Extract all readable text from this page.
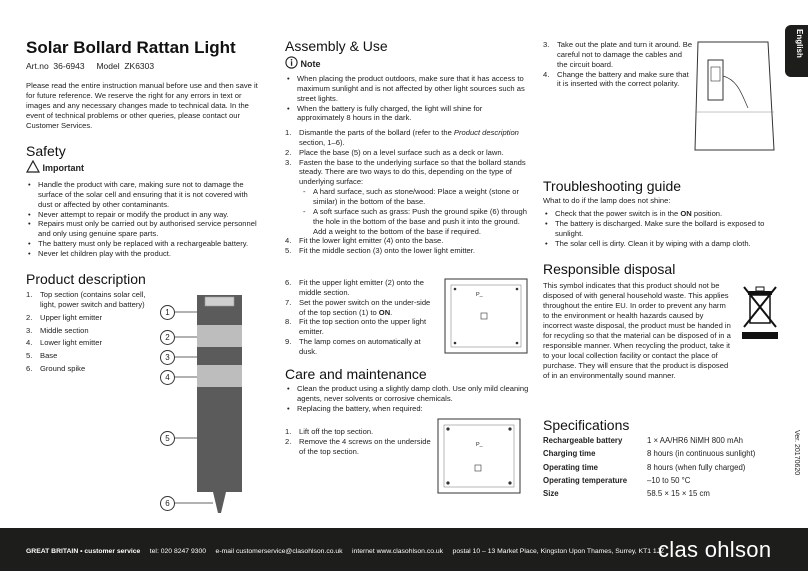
English
Ver. 20170620
Solar Bollard Rattan Light
Art.no 36-6943 Model ZK6303
Please read the entire instruction manual before use and then save it for future reference. We reserve the right for any errors in text or images and any necessary changes made to technical data. In the event of technical problems or other queries, please contact our Customer Services.
Safety
Important
• Handle the product with care, making sure not to damage the surface of the solar cell and ensuring that it is not covered with dust or affected by other contaminants.
• Never attempt to repair or modify the product in any way.
• Repairs must only be carried out by authorised service personnel and only using genuine spare parts.
• The battery must only be replaced with a rechargeable battery.
• Never let children play with the product.
Product description
1. Top section (contains solar cell, light, power switch and battery)
2. Upper light emitter
3. Middle section
4. Lower light emitter
5. Base
6. Ground spike
1
2
3
4
5
6
Assembly & Use
Note
• When placing the product outdoors, make sure that it has access to maximum sunlight and is not affected by other light sources such as street lights.
• When the battery is fully charged, the light will shine for approximately 8 hours in the dark.
1. Dismantle the parts of the bollard (refer to the Product description section, 1–6).
2. Place the base (5) on a level surface such as a deck or lawn.
3. Fasten the base to the underlying surface so that the bollard stands steady. There are two ways to do this, depending on the type of underlying surface:
- A hard surface, such as stone/wood: Place a weight (stone or similar) in the bottom of the base.
- A soft surface such as grass: Push the ground spike (6) through the hole in the bottom of the base and push it into the ground. Add a weight to the bottom of the base if required.
4. Fit the lower light emitter (4) onto the base.
5. Fit the middle section (3) onto the lower light emitter.
6. Fit the upper light emitter (2) onto the middle section.
7. Set the power switch on the under-side of the top section (1) to ON.
8. Fit the top section onto the upper light emitter.
9. The lamp comes on automatically at dusk.
P_
Care and maintenance
• Clean the product using a slightly damp cloth. Use only mild cleaning agents, never solvents or corrosive chemicals.
• Replacing the battery, when required:
1. Lift off the top section.
2. Remove the 4 screws on the underside of the top section.
P_
3. Take out the plate and turn it around. Be careful not to damage the cables and the circuit board.
4. Change the battery and make sure that it is inserted with the correct polarity.
Troubleshooting guide
What to do if the lamp does not shine:
• Check that the power switch is in the ON position.
• The battery is discharged. Make sure the bollard is exposed to sunlight.
• The solar cell is dirty. Clean it by wiping with a damp cloth.
Responsible disposal
This symbol indicates that this product should not be disposed of with general household waste. This applies throughout the entire EU. In order to prevent any harm to the environment or health hazards caused by incorrect waste disposal, the product must be handed in for recycling so that the material can be disposed of in a responsible manner. When recycling the product, take it to your local collection facility or contact the place of purchase. They will ensure that the product is disposed of in an environmentally sound manner.
Specifications
Rechargeable battery	1 × AA/HR6 NiMH 800 mAh
Charging time	8 hours (in continuous sunlight)
Operating time	8 hours (when fully charged)
Operating temperature	–10 to 50 °C
Size	58.5 × 15 × 15 cm
GREAT BRITAIN • customer service tel: 020 8247 9300 e-mail customerservice@clasohlson.co.uk internet www.clasohlson.co.uk postal 10 – 13 Market Place, Kingston Upon Thames, Surrey, KT1 1JZ
clas ohlson
